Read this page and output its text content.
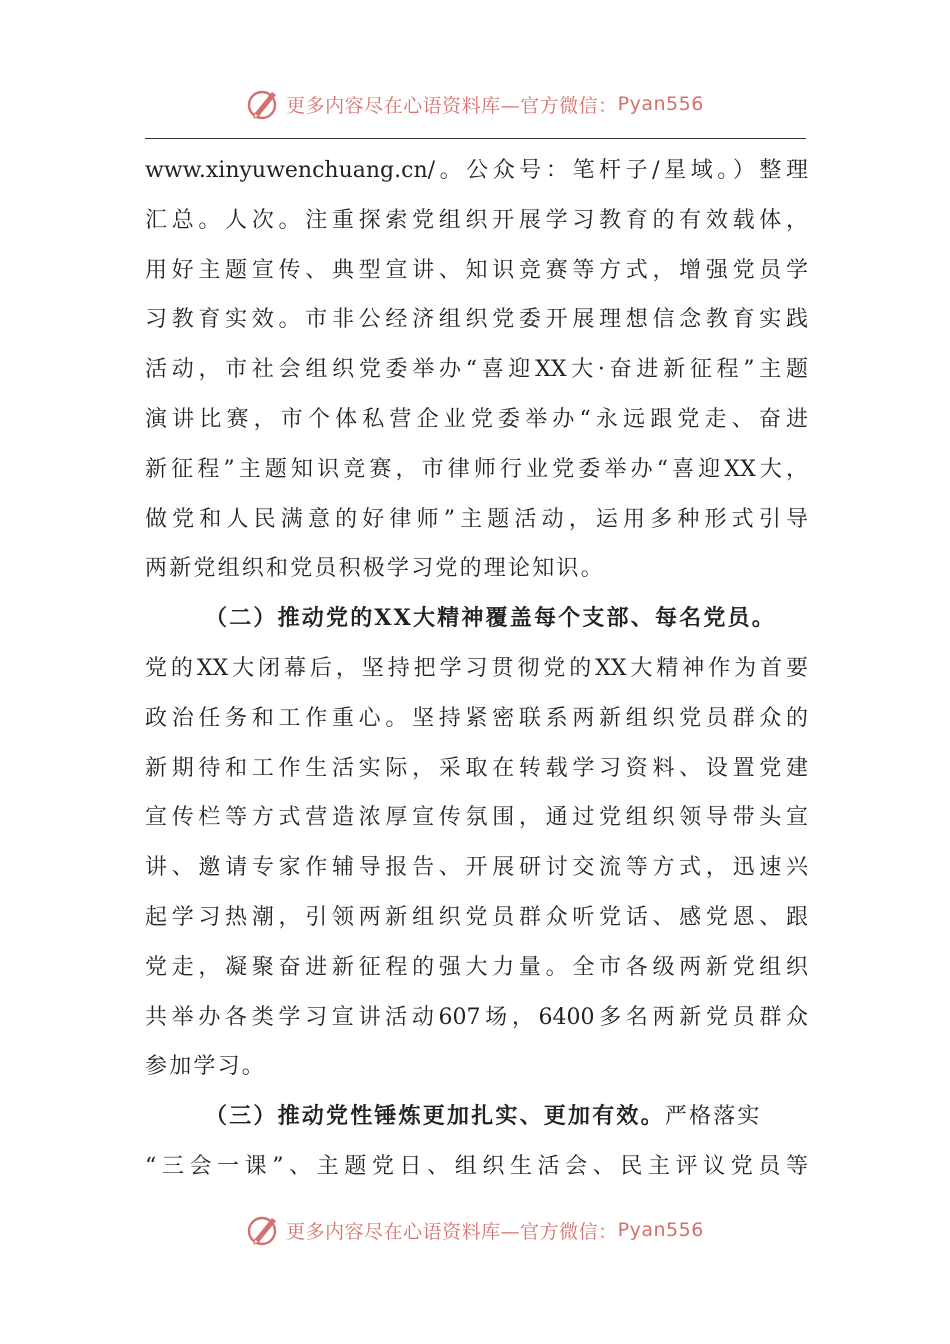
更多内容尽在心语资料库—官方微信： Pyan556
www.xinyuwenchuang.cn/。公众号：笔杆子/星域。）整理
汇总。人次。注重探索党组织开展学习教育的有效载体，
用好主题宣传、典型宣讲、知识竞赛等方式，增强党员学
习教育实效。市非公经济组织党委开展理想信念教育实践
活动，市社会组织党委举办“喜迎XX大·奋进新征程”主题
演讲比赛，市个体私营企业党委举办“永远跟党走、奋进
新征程”主题知识竞赛，市律师行业党委举办“喜迎XX大，
做党和人民满意的好律师”主题活动，运用多种形式引导
两新党组织和党员积极学习党的理论知识。
（二）推动党的XX大精神覆盖每个支部、每名党员。
党的XX大闭幕后，坚持把学习贯彻党的XX大精神作为首要
政治任务和工作重心。坚持紧密联系两新组织党员群众的
新期待和工作生活实际，采取在转载学习资料、设置党建
宣传栏等方式营造浓厚宣传氛围，通过党组织领导带头宣
讲、邀请专家作辅导报告、开展研讨交流等方式，迅速兴
起学习热潮，引领两新组织党员群众听党话、感党恩、跟
党走，凝聚奋进新征程的强大力量。全市各级两新党组织
共举办各类学习宣讲活动607场，6400多名两新党员群众
参加学习。
（三）推动党性锤炼更加扎实、更加有效。严格落实
“三会一课”、主题党日、组织生活会、民主评议党员等
更多内容尽在心语资料库—官方微信： Pyan556
